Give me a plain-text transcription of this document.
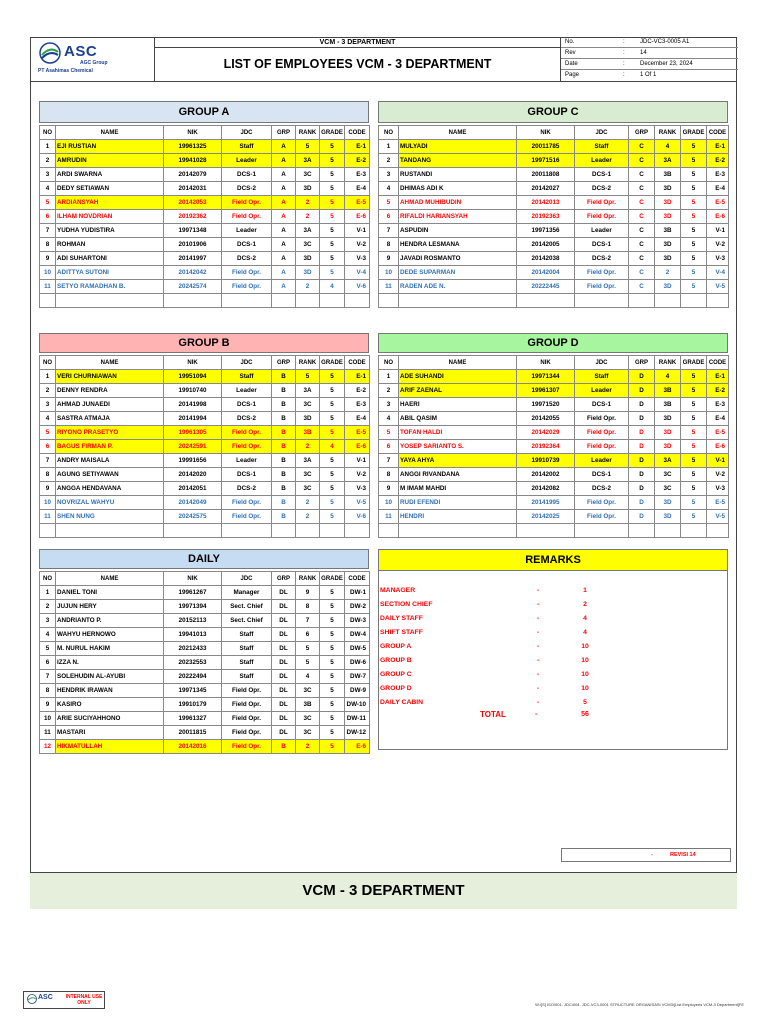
ASC
AGC Group
PT Asahimas Chemical
VCM - 3 DEPARTMENT
LIST OF EMPLOYEES VCM - 3 DEPARTMENT
No.	:	JDC-VC3-0005 A1
Rev	:	14
Date	:	December 23, 2024
Page	:	1 Of 1
GROUP A
NO	NAME	NIK	JDC	GRP	RANK	GRADE	CODE
1	EJI RUSTIAN	19961325	Staff	A	5	5	E-1
2	AMRUDIN	19941028	Leader	A	3A	5	E-2
3	ARDI SWARNA	20142079	DCS-1	A	3C	5	E-3
4	DEDY SETIAWAN	20142031	DCS-2	A	3D	5	E-4
5	ARDIANSYAH	20142053	Field Opr.	A	2	5	E-5
6	ILHAM NOVDRIAN	20192362	Field Opr.	A	2	5	E-6
7	YUDHA YUDISTIRA	19971348	Leader	A	3A	5	V-1
8	ROHMAN	20101906	DCS-1	A	3C	5	V-2
9	ADI SUHARTONI	20141997	DCS-2	A	3D	5	V-3
10	ADITTYA SUTONI	20142042	Field Opr.	A	3D	5	V-4
11	SETYO RAMADHAN B.	20242574	Field Opr.	A	2	4	V-6

GROUP C
NO	NAME	NIK	JDC	GRP	RANK	GRADE	CODE
1	MULYADI	20011785	Staff	C	4	5	E-1
2	TANDANG	19971516	Leader	C	3A	5	E-2
3	RUSTANDI	20011808	DCS-1	C	3B	5	E-3
4	DHIMAS ADI K	20142027	DCS-2	C	3D	5	E-4
5	AHMAD MUHIBUDIN	20142013	Field Opr.	C	3D	5	E-5
6	RIFALDI HARIANSYAH	20192363	Field Opr.	C	3D	5	E-6
7	ASPUDIN	19971356	Leader	C	3B	5	V-1
8	HENDRA LESMANA	20142005	DCS-1	C	3D	5	V-2
9	JAVADI ROSMANTO	20142038	DCS-2	C	3D	5	V-3
10	DEDE SUPARMAN	20142004	Field Opr.	C	2	5	V-4
11	RADEN ADE N.	20222445	Field Opr.	C	3D	5	V-5

GROUP B
NO	NAME	NIK	JDC	GRP	RANK	GRADE	CODE
1	VERI CHURNIAWAN	19951094	Staff	B	5	5	E-1
2	DENNY RENDRA	19910740	Leader	B	3A	5	E-2
3	AHMAD JUNAEDI	20141998	DCS-1	B	3C	5	E-3
4	SASTRA ATMAJA	20141994	DCS-2	B	3D	5	E-4
5	RIYONO PRASETYO	19961305	Field Opr.	B	3B	5	E-5
6	BAGUS FIRMAN P.	20242591	Field Opr.	B	2	4	E-6
7	ANDRY MAISALA	19991656	Leader	B	3A	5	V-1
8	AGUNG SETIYAWAN	20142020	DCS-1	B	3C	5	V-2
9	ANGGA HENDAVANA	20142051	DCS-2	B	3C	5	V-3
10	NOVRIZAL WAHYU	20142049	Field Opr.	B	2	5	V-5
11	SHEN NUNG	20242575	Field Opr.	B	2	5	V-6

GROUP D
NO	NAME	NIK	JDC	GRP	RANK	GRADE	CODE
1	ADE SUHANDI	19971344	Staff	D	4	5	E-1
2	ARIF ZAENAL	19961307	Leader	D	3B	5	E-2
3	HAERI	19971520	DCS-1	D	3B	5	E-3
4	ABIL QASIM	20142055	Field Opr.	D	3D	5	E-4
5	TOFAN HALDI	20142029	Field Opr.	D	3D	5	E-5
6	YOSEP SARIANTO S.	20192364	Field Opr.	D	3D	5	E-6
7	YAYA AHYA	19910739	Leader	D	3A	5	V-1
8	ANGGI RIVANDANA	20142002	DCS-1	D	3C	5	V-2
9	M IMAM MAHDI	20142082	DCS-2	D	3C	5	V-3
10	RUDI EFENDI	20141995	Field Opr.	D	3D	5	E-5
11	HENDRI	20142025	Field Opr.	D	3D	5	V-5

DAILY
NO	NAME	NIK	JDC	GRP	RANK	GRADE	CODE
1	DANIEL TONI	19961267	Manager	DL	9	5	DW-1
2	JUJUN HERY	19971394	Sect. Chief	DL	8	5	DW-2
3	ANDRIANTO P.	20152113	Sect. Chief	DL	7	5	DW-3
4	WAHYU HERNOWO	19941013	Staff	DL	6	5	DW-4
5	M. NURUL HAKIM	20212433	Staff	DL	5	5	DW-5
6	IZZA N.	20232553	Staff	DL	5	5	DW-6
7	SOLEHUDIN AL-AYUBI	20222494	Staff	DL	4	5	DW-7
8	HENDRIK IRAWAN	19971345	Field Opr.	DL	3C	5	DW-9
9	KASIRO	19910179	Field Opr.	DL	3B	5	DW-10
10	ARIE SUCIYAHHONO	19961327	Field Opr.	DL	3C	5	DW-11
11	MASTARI	20011815	Field Opr.	DL	3C	5	DW-12
12	HIKMATULLAH	20142016	Field Opr.	B	2	5	E-6
REMARKS
MANAGER	-	1
SECTION CHIEF	-	2
DAILY STAFF	-	4
SHIFT STAFF	-	4
GROUP A	-	10
GROUP B	-	10
GROUP C	-	10
GROUP D	-	10
DAILY CABIN	-	5
TOTAL	-	56
-	REVISI 14
VCM - 3 DEPARTMENT
ASC	INTERNAL USE ONLY	W:\[S] ISO\001. JDC\004. JDC-VC3-0001 STRUCTURE ORGANISASI VCM3\[List Employees VCM-3 Department]FE
